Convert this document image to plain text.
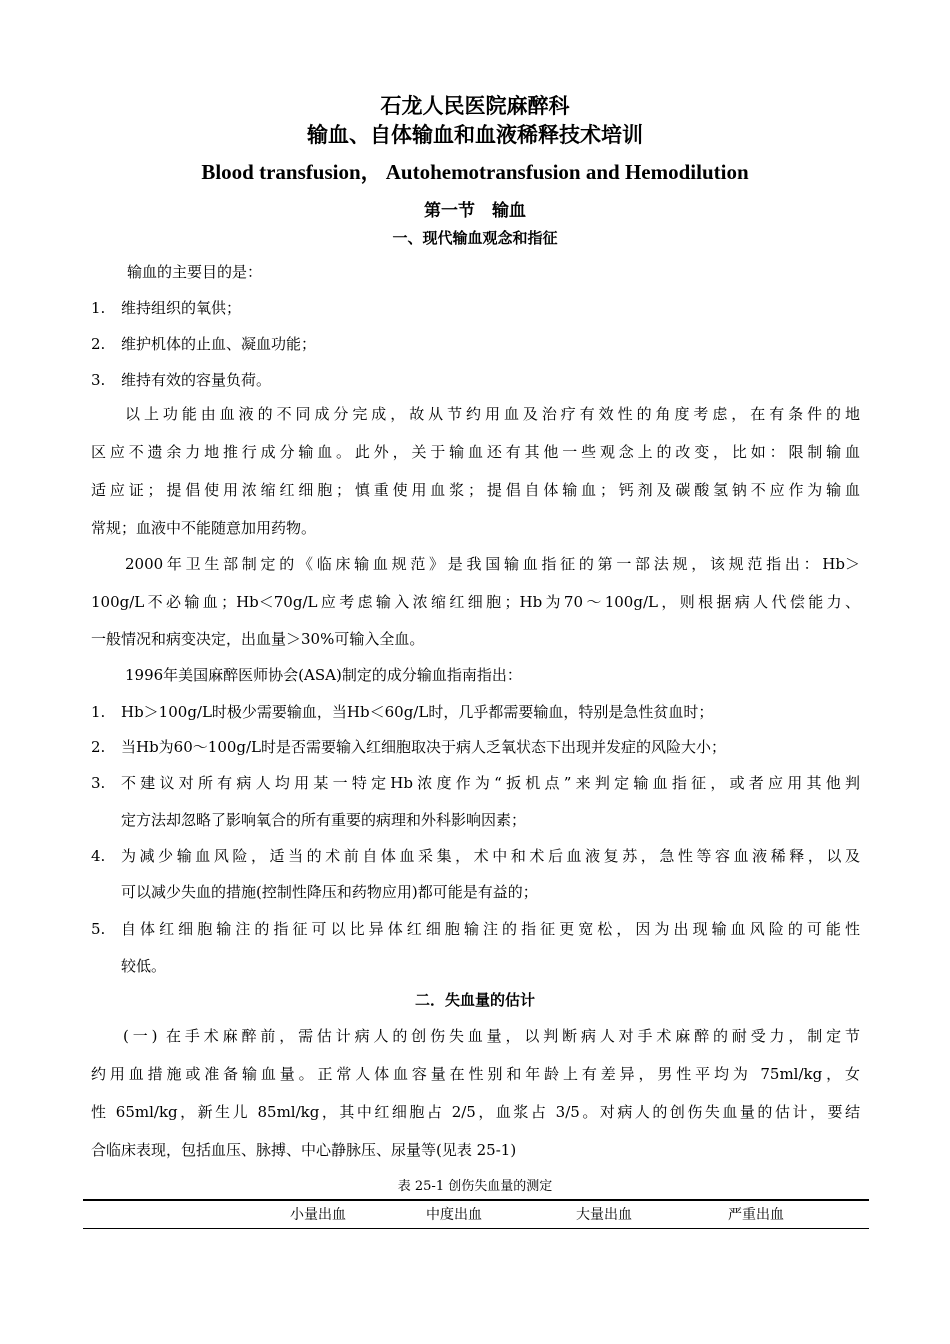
石龙人民医院麻醉科
输血、自体输血和血液稀释技术培训
Blood transfusion， Autohemotransfusion and Hemodilution
第一节　输血
一、现代输血观念和指征
输血的主要目的是：
1. 维持组织的氧供；
2. 维护机体的止血、凝血功能；
3. 维持有效的容量负荷。
以上功能由血液的不同成分完成，故从节约用血及治疗有效性的角度考虑，在有条件的地
区应不遗余力地推行成分输血。此外，关于输血还有其他一些观念上的改变，比如：限制输血
适应证；提倡使用浓缩红细胞；慎重使用血浆；提倡自体输血；钙剂及碳酸氢钠不应作为输血
常规；血液中不能随意加用药物。
2000年卫生部制定的《临床输血规范》是我国输血指征的第一部法规，该规范指出：Hb＞
100g/L不必输血；Hb＜70g/L应考虑输入浓缩红细胞；Hb为70～100g/L，则根据病人代偿能力、
一般情况和病变决定，出血量＞30%可输入全血。
1996年美国麻醉医师协会(ASA)制定的成分输血指南指出：
1. Hb＞100g/L时极少需要输血，当Hb＜60g/L时，几乎都需要输血，特别是急性贫血时；
2. 当Hb为60～100g/L时是否需要输入红细胞取决于病人乏氧状态下出现并发症的风险大小；
3. 不建议对所有病人均用某一特定Hb浓度作为“扳机点”来判定输血指征，或者应用其他判
定方法却忽略了影响氧合的所有重要的病理和外科影响因素；
4. 为减少输血风险，适当的术前自体血采集，术中和术后血液复苏，急性等容血液稀释，以及
可以减少失血的措施(控制性降压和药物应用)都可能是有益的；
5. 自体红细胞输注的指征可以比异体红细胞输注的指征更宽松，因为出现输血风险的可能性
较低。
二．失血量的估计
(一) 在手术麻醉前，需估计病人的创伤失血量，以判断病人对手术麻醉的耐受力，制定节
约用血措施或准备输血量。正常人体血容量在性别和年龄上有差异，男性平均为 75ml/kg，女
性 65ml/kg，新生儿 85ml/kg，其中红细胞占 2/5，血浆占 3/5。对病人的创伤失血量的估计，要结
合临床表现，包括血压、脉搏、中心静脉压、尿量等(见表 25-1)
表 25-1 创伤失血量的测定
小量出血	中度出血	大量出血	严重出血
